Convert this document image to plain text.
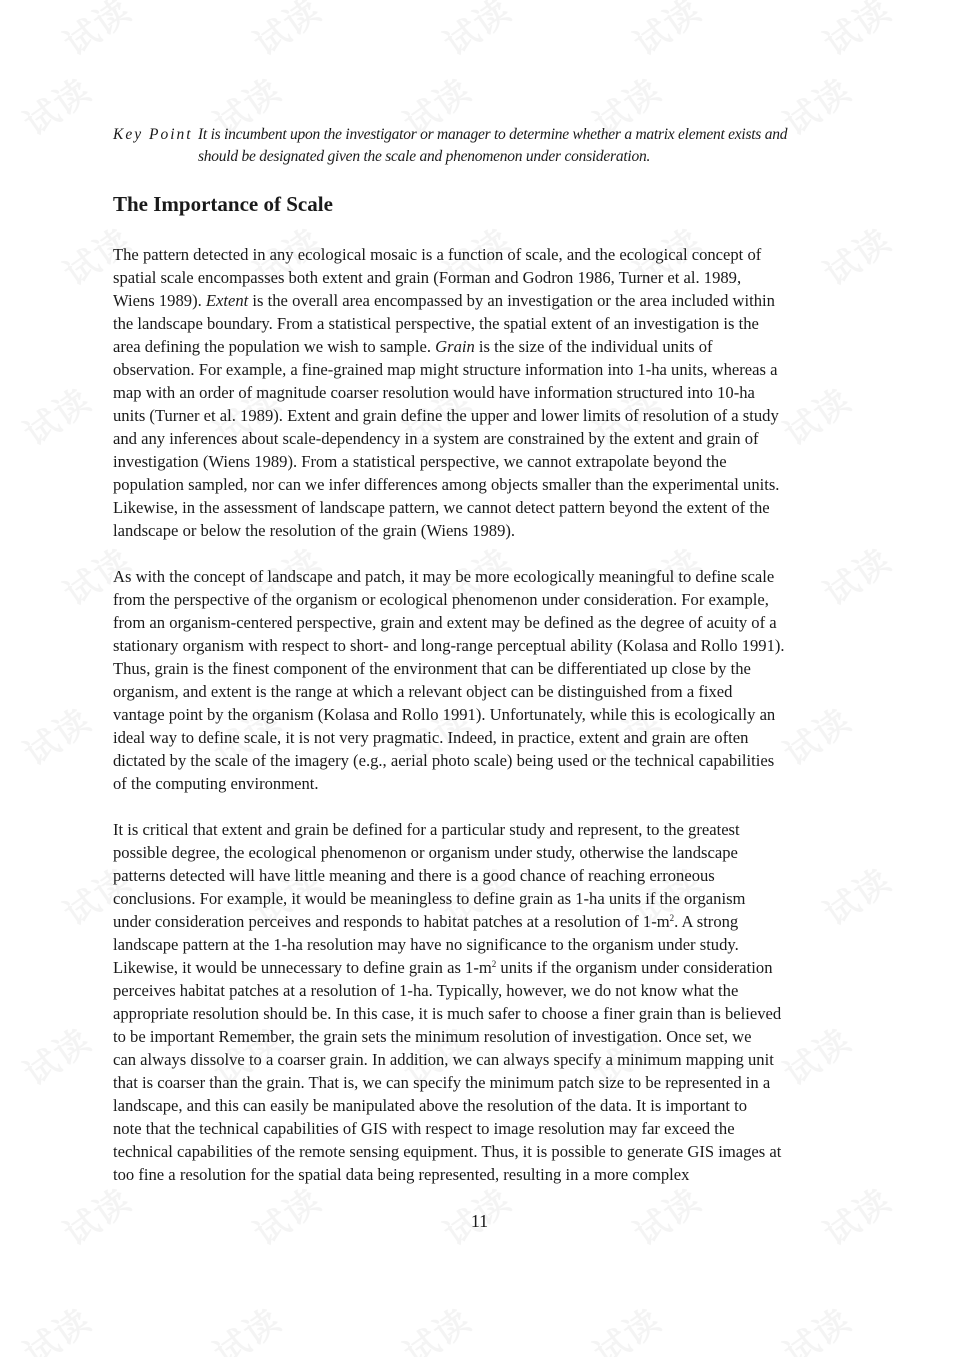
Key Point It is incumbent upon the investigator or manager to determine whether a matrix element exists and
should be designated given the scale and phenomenon under consideration.
The Importance of Scale
The pattern detected in any ecological mosaic is a function of scale, and the ecological concept of
spatial scale encompasses both extent and grain (Forman and Godron 1986, Turner et al. 1989,
Wiens 1989). Extent is the overall area encompassed by an investigation or the area included within
the landscape boundary. From a statistical perspective, the spatial extent of an investigation is the
area defining the population we wish to sample. Grain is the size of the individual units of
observation. For example, a fine-grained map might structure information into 1-ha units, whereas a
map with an order of magnitude coarser resolution would have information structured into 10-ha
units (Turner et al. 1989). Extent and grain define the upper and lower limits of resolution of a study
and any inferences about scale-dependency in a system are constrained by the extent and grain of
investigation (Wiens 1989). From a statistical perspective, we cannot extrapolate beyond the
population sampled, nor can we infer differences among objects smaller than the experimental units.
Likewise, in the assessment of landscape pattern, we cannot detect pattern beyond the extent of the
landscape or below the resolution of the grain (Wiens 1989).
As with the concept of landscape and patch, it may be more ecologically meaningful to define scale
from the perspective of the organism or ecological phenomenon under consideration. For example,
from an organism-centered perspective, grain and extent may be defined as the degree of acuity of a
stationary organism with respect to short- and long-range perceptual ability (Kolasa and Rollo 1991).
Thus, grain is the finest component of the environment that can be differentiated up close by the
organism, and extent is the range at which a relevant object can be distinguished from a fixed
vantage point by the organism (Kolasa and Rollo 1991). Unfortunately, while this is ecologically an
ideal way to define scale, it is not very pragmatic. Indeed, in practice, extent and grain are often
dictated by the scale of the imagery (e.g., aerial photo scale) being used or the technical capabilities
of the computing environment.
It is critical that extent and grain be defined for a particular study and represent, to the greatest
possible degree, the ecological phenomenon or organism under study, otherwise the landscape
patterns detected will have little meaning and there is a good chance of reaching erroneous
conclusions. For example, it would be meaningless to define grain as 1-ha units if the organism
under consideration perceives and responds to habitat patches at a resolution of $1-m^2$. A strong
landscape pattern at the 1-ha resolution may have no significance to the organism under study.
Likewise, it would be unnecessary to define grain as $1-m^2$ units if the organism under consideration
perceives habitat patches at a resolution of 1-ha. Typically, however, we do not know what the
appropriate resolution should be. In this case, it is much safer to choose a finer grain than is believed
to be important Remember, the grain sets the minimum resolution of investigation. Once set, we
can always dissolve to a coarser grain. In addition, we can always specify a minimum mapping unit
that is coarser than the grain. That is, we can specify the minimum patch size to be represented in a
landscape, and this can easily be manipulated above the resolution of the data. It is important to
note that the technical capabilities of GIS with respect to image resolution may far exceed the
technical capabilities of the remote sensing equipment. Thus, it is possible to generate GIS images at
too fine a resolution for the spatial data being represented, resulting in a more complex
11
